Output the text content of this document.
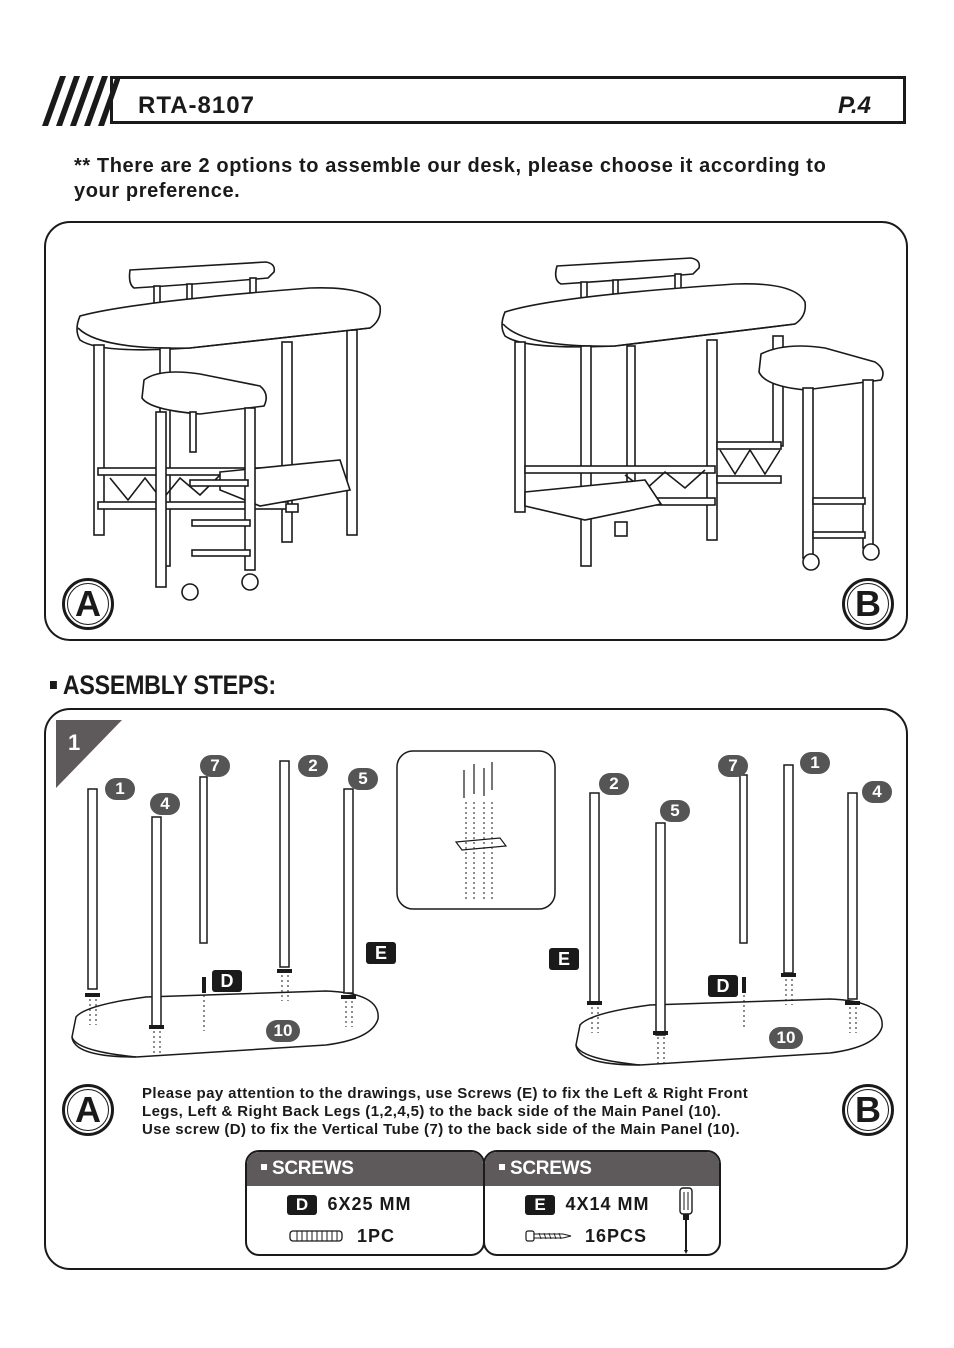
RTA-8107	P.4
** There are 2 options to assemble our desk, please choose it according to your preference.
A	B
ASSEMBLY STEPS:
1
1
4
7	2
5
10
E
D
2
5
7	1
4
10
E
D
A	B
Please pay attention to the drawings, use Screws (E) to fix the Left & Right Front
Legs, Left & Right Back Legs (1,2,4,5) to the back side of the Main Panel (10).
Use screw (D) to fix the Vertical Tube (7) to the back side of the Main Panel (10).
SCREWS
D 6X25 MM
1PC
SCREWS
E 4X14 MM
16PCS
